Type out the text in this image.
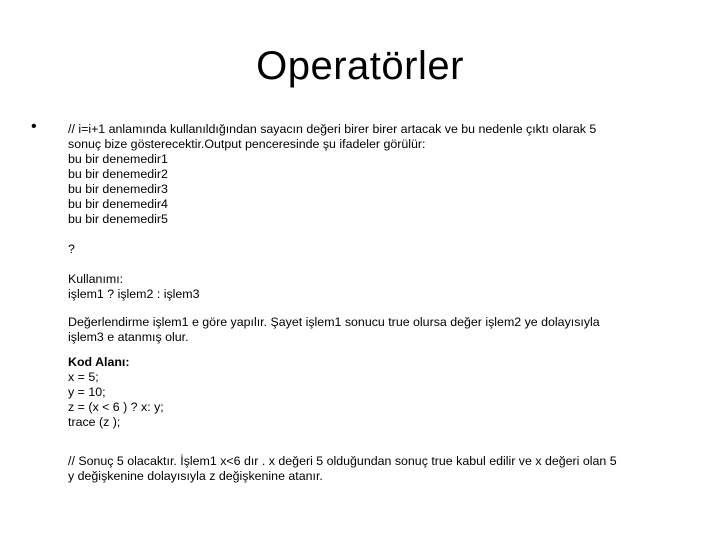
Operatörler
•	// i=i+1 anlamında kullanıldığından sayacın değeri birer birer artacak ve bu nedenle çıktı olarak 5
sonuç bize gösterecektir.Output penceresinde şu ifadeler görülür:
bu bir denemedir1
bu bir denemedir2
bu bir denemedir3
bu bir denemedir4
bu bir denemedir5
?
Kullanımı:
işlem1 ? işlem2 : işlem3
Değerlendirme işlem1 e göre yapılır. Şayet işlem1 sonucu true olursa değer işlem2 ye dolayısıyla
işlem3 e atanmış olur.
Kod Alanı:
x = 5;
y = 10;
z = (x < 6 ) ? x: y;
trace (z );
// Sonuç 5 olacaktır. İşlem1 x<6 dır . x değeri 5 olduğundan sonuç true kabul edilir ve x değeri olan 5
y değişkenine dolayısıyla z değişkenine atanır.
